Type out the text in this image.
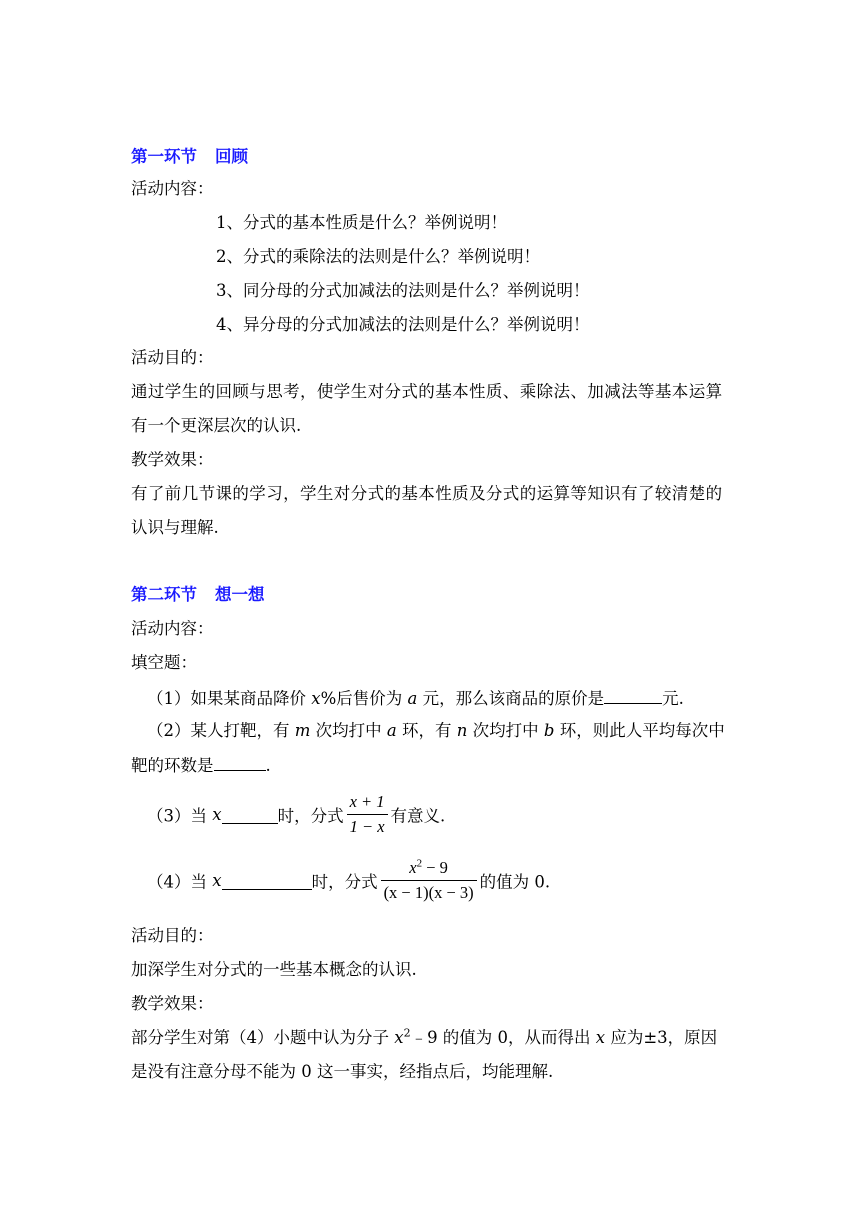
第一环节 回顾
活动内容：
1、分式的基本性质是什么？举例说明！
2、分式的乘除法的法则是什么？举例说明！
3、同分母的分式加减法的法则是什么？举例说明！
4、异分母的分式加减法的法则是什么？举例说明！
活动目的：
通过学生的回顾与思考，使学生对分式的基本性质、乘除法、加减法等基本运算
有一个更深层次的认识.
教学效果：
有了前几节课的学习，学生对分式的基本性质及分式的运算等知识有了较清楚的
认识与理解.
第二环节 想一想
活动内容：
填空题：
（1）如果某商品降价 x%后售价为 a 元，那么该商品的原价是	元.
（2）某人打靶，有 m 次均打中 a 环，有 n 次均打中 b 环，则此人平均每次中
靶的环数是	.
（3）当 x	时，分式 $\frac{x + 1}{1 - x}$ 有意义.
（4）当 x	时，分式 $\frac{x^2 - 9}{(x - 1)(x - 3)}$ 的值为 0.
活动目的：
加深学生对分式的一些基本概念的认识.
教学效果：
部分学生对第（4）小题中认为分子 $x^2﹣9$ 的值为 0，从而得出 x 应为±3，原因
是没有注意分母不能为 0 这一事实，经指点后，均能理解.
